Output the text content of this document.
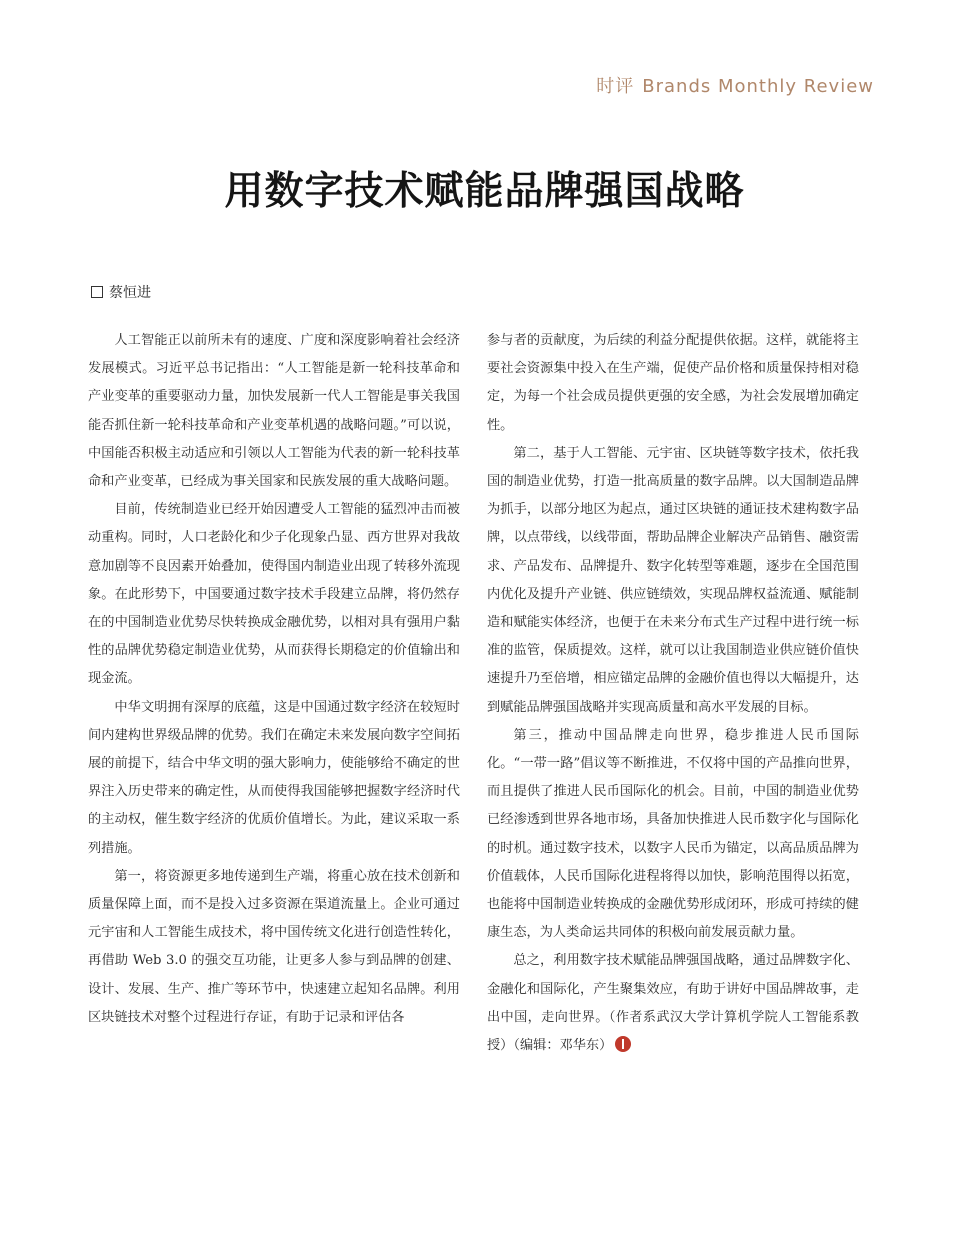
时评 Brands Monthly Review
用数字技术赋能品牌强国战略
蔡恒进

人工智能正以前所未有的速度、广度和深度影响着社会经济发展模式。习近平总书记指出：“人工智能是新一轮科技革命和产业变革的重要驱动力量，加快发展新一代人工智能是事关我国能否抓住新一轮科技革命和产业变革机遇的战略问题。”可以说，中国能否积极主动适应和引领以人工智能为代表的新一轮科技革命和产业变革，已经成为事关国家和民族发展的重大战略问题。

目前，传统制造业已经开始因遭受人工智能的猛烈冲击而被动重构。同时，人口老龄化和少子化现象凸显、西方世界对我故意加剧等不良因素开始叠加，使得国内制造业出现了转移外流现象。在此形势下，中国要通过数字技术手段建立品牌，将仍然存在的中国制造业优势尽快转换成金融优势，以相对具有强用户黏性的品牌优势稳定制造业优势，从而获得长期稳定的价值输出和现金流。

中华文明拥有深厚的底蕴，这是中国通过数字经济在较短时间内建构世界级品牌的优势。我们在确定未来发展向数字空间拓展的前提下，结合中华文明的强大影响力，使能够给不确定的世界注入历史带来的确定性，从而使得我国能够把握数字经济时代的主动权，催生数字经济的优质价值增长。为此，建议采取一系列措施。

第一，将资源更多地传递到生产端，将重心放在技术创新和质量保障上面，而不是投入过多资源在渠道流量上。企业可通过元宇宙和人工智能生成技术，将中国传统文化进行创造性转化，再借助 Web 3.0 的强交互功能，让更多人参与到品牌的创建、设计、发展、生产、推广等环节中，快速建立起知名品牌。利用区块链技术对整个过程进行存证，有助于记录和评估各

参与者的贡献度，为后续的利益分配提供依据。这样，就能将主要社会资源集中投入在生产端，促使产品价格和质量保持相对稳定，为每一个社会成员提供更强的安全感，为社会发展增加确定性。

第二，基于人工智能、元宇宙、区块链等数字技术，依托我国的制造业优势，打造一批高质量的数字品牌。以大国制造品牌为抓手，以部分地区为起点，通过区块链的通证技术建构数字品牌，以点带线，以线带面，帮助品牌企业解决产品销售、融资需求、产品发布、品牌提升、数字化转型等难题，逐步在全国范围内优化及提升产业链、供应链绩效，实现品牌权益流通、赋能制造和赋能实体经济，也便于在未来分布式生产过程中进行统一标准的监管，保质提效。这样，就可以让我国制造业供应链价值快速提升乃至倍增，相应锚定品牌的金融价值也得以大幅提升，达到赋能品牌强国战略并实现高质量和高水平发展的目标。

第三，推动中国品牌走向世界，稳步推进人民币国际化。“一带一路”倡议等不断推进，不仅将中国的产品推向世界，而且提供了推进人民币国际化的机会。目前，中国的制造业优势已经渗透到世界各地市场，具备加快推进人民币数字化与国际化的时机。通过数字技术，以数字人民币为锚定，以高品质品牌为价值载体，人民币国际化进程将得以加快，影响范围得以拓宽，也能将中国制造业转换成的金融优势形成闭环，形成可持续的健康生态，为人类命运共同体的积极向前发展贡献力量。

总之，利用数字技术赋能品牌强国战略，通过品牌数字化、金融化和国际化，产生聚集效应，有助于讲好中国品牌故事，走出中国，走向世界。（作者系武汉大学计算机学院人工智能系教授）（编辑：邓华东）
